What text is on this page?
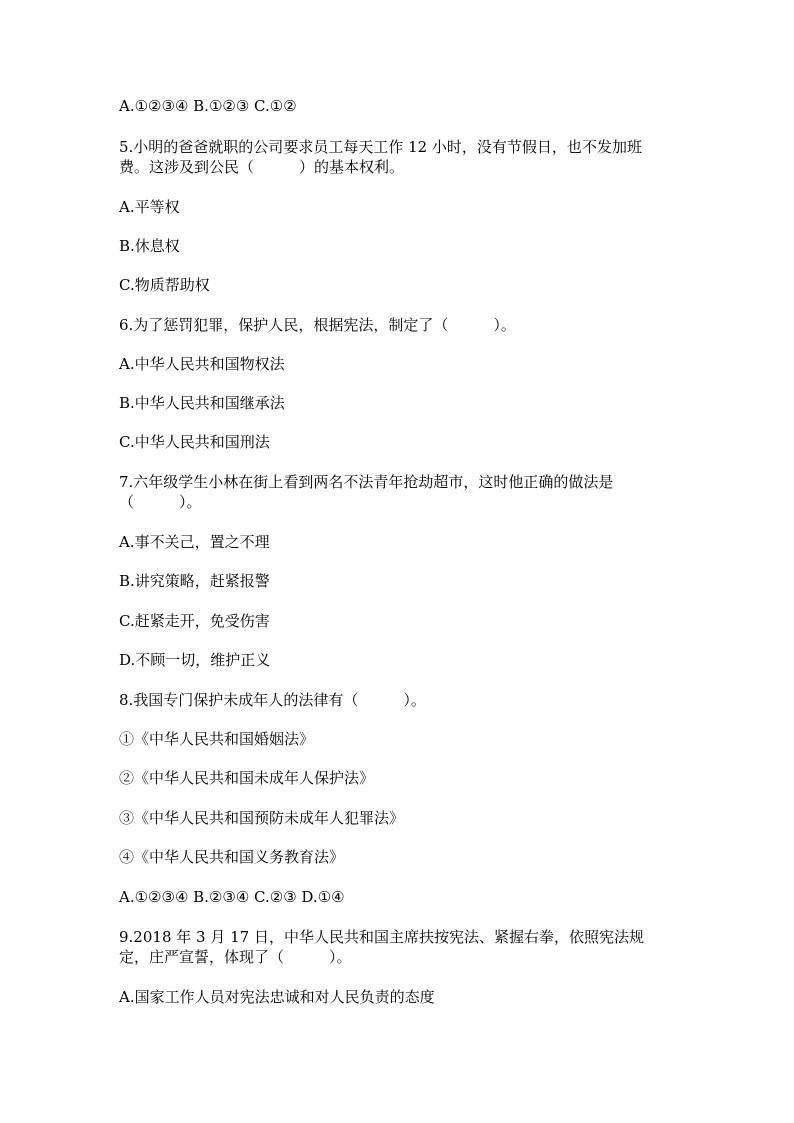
A.①②③④ B.①②③ C.①②
5.小明的爸爸就职的公司要求员工每天工作 12 小时，没有节假日，也不发加班
费。这涉及到公民（　　　）的基本权利。
A.平等权
B.休息权
C.物质帮助权
6.为了惩罚犯罪，保护人民，根据宪法，制定了（　　　）。
A.中华人民共和国物权法
B.中华人民共和国继承法
C.中华人民共和国刑法
7.六年级学生小林在街上看到两名不法青年抢劫超市，这时他正确的做法是
（　　　）。
A.事不关己，置之不理
B.讲究策略，赶紧报警
C.赶紧走开，免受伤害
D.不顾一切，维护正义
8.我国专门保护未成年人的法律有（　　　）。
①《中华人民共和国婚姻法》
②《中华人民共和国未成年人保护法》
③《中华人民共和国预防未成年人犯罪法》
④《中华人民共和国义务教育法》
A.①②③④ B.②③④ C.②③ D.①④
9.2018 年 3 月 17 日，中华人民共和国主席扶按宪法、紧握右拳，依照宪法规
定，庄严宣誓，体现了（　　　）。
A.国家工作人员对宪法忠诚和对人民负责的态度
